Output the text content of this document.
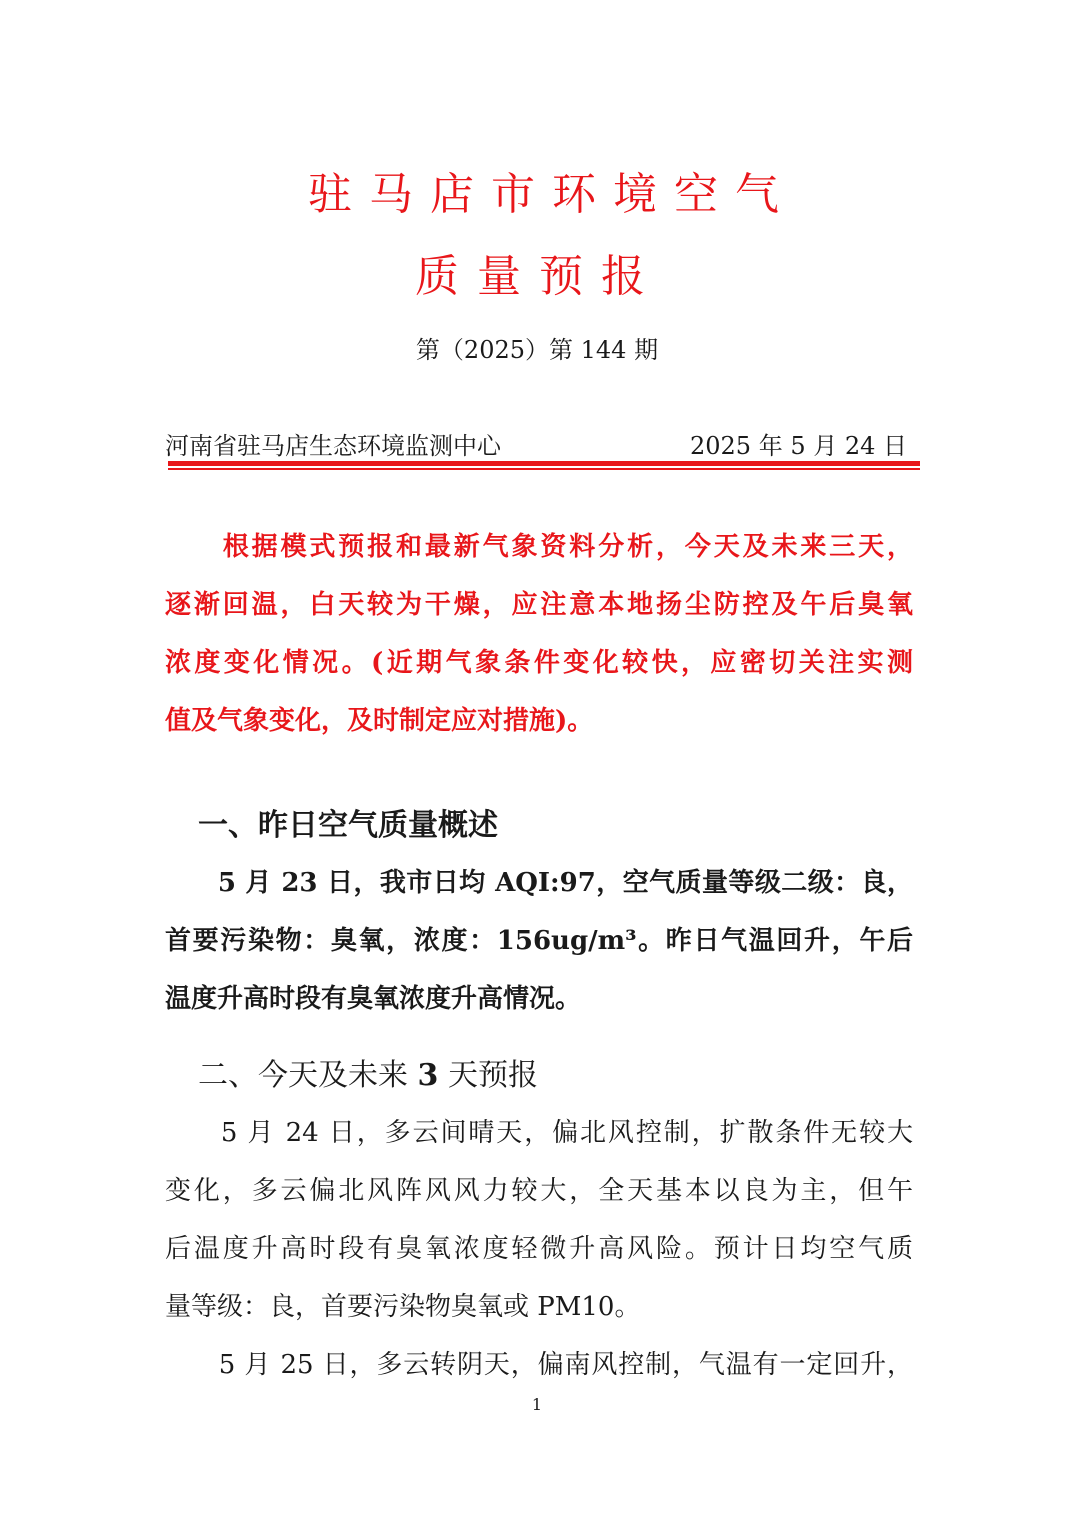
驻马店市环境空气
质量预报
第（2025）第 144 期
河南省驻马店生态环境监测中心	2025 年 5 月 24 日
　　根据模式预报和最新气象资料分析，今天及未来三天，
逐渐回温，白天较为干燥，应注意本地扬尘防控及午后臭氧
浓度变化情况。(近期气象条件变化较快，应密切关注实测
值及气象变化，及时制定应对措施)。
一、昨日空气质量概述
　　5 月 23 日，我市日均 AQI:97，空气质量等级二级：良，
首要污染物：臭氧，浓度：156ug/m³。昨日气温回升，午后
温度升高时段有臭氧浓度升高情况。
二、今天及未来 3 天预报
　　5 月 24 日，多云间晴天，偏北风控制，扩散条件无较大
变化，多云偏北风阵风风力较大，全天基本以良为主，但午
后温度升高时段有臭氧浓度轻微升高风险。预计日均空气质
量等级：良，首要污染物臭氧或 PM10。
　　5 月 25 日，多云转阴天，偏南风控制，气温有一定回升，
1
